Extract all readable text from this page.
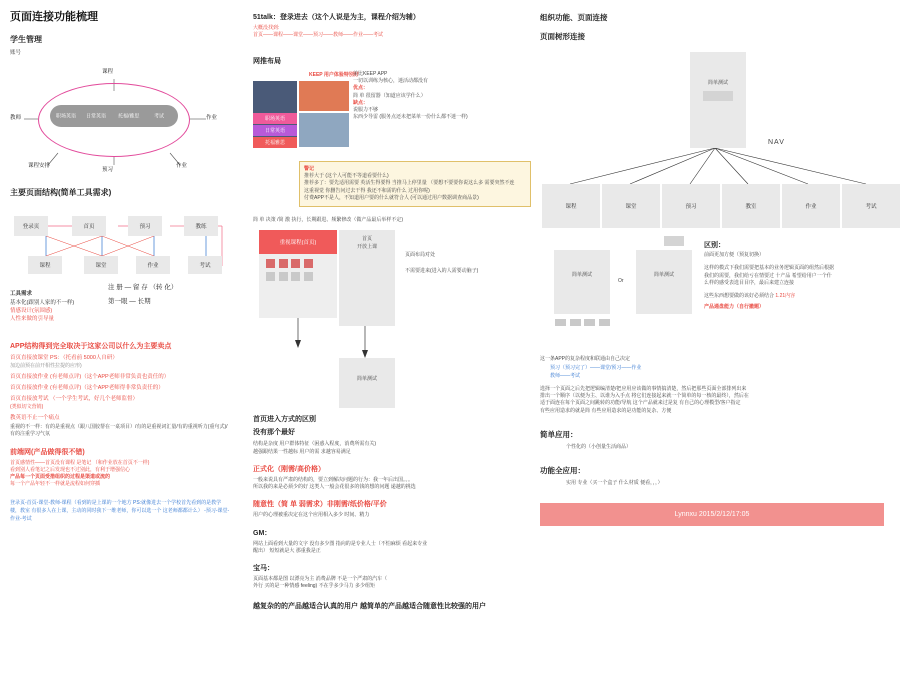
页面连接功能梳理
学生管理
账号
职场英语 日常英语 托福/雅思	考试
课程
教师	作业
预习
课程安排	作业
主要页面结构(简单工具需求)
登录页	首页	预习	教练
课程	课堂	作业	考试
工具需求
基本化(跟别人家的不一样)
情感设计(氛围感)
人性来做的引导量
注 册 — 留 存 （转 化）
第一眼 — 长期
APP结构得到完全取决于这家公司以什么为主要卖点
首页直接放课堂 PS：（托看前 5000人自研）
加边前预在前开相性拉提的应形)
首页直接放作业 (有老师点评)（这个APP老师非常负责也责任的）
首页直接放作业 (有老师点评)（这个APP老师得非常负责任的）
首页直接放考试 （一个学生考试，好几个老师监督）
(类似切文营销)
教英语不止一个痛点
重视的不一样：有的是重视点（跟八国胶帮在一桌项目）/有的是重视词汇量/有的重视听力(重句式)/有的注重学习气氛
前端网(产品做得很不错)
首页感情性——首页没有课程 是笔记 （和作业放在首页不一样)
看到别人看笔记之后发现也不过别此，有利于增强信心
产品每一个页面受措组织的过程是渠道或流的
每一个产品年轻不一样就是流程如何穿插
登录页-首页-课堂-教师-课程（看到的是上课的一个地方 PS:就像进去一个学校首先看到的是教学楼，教室 有很多人在上课，主动的同时我下一维老师，你可以选一个 这老师都都计么） -预习-课堂-作业-考试
51talk：登录进去（这个人说是为主，课程介绍为辅）
大概没找到:
首页——课程——课堂——预习——教师——作业——考试
网推布局
KEEP 用户体验特别好
职场英语
日常英语
托福雅思
美比KEEP APP
一切以训练为核心，迷活动都没有
优点：
简 单 很留器（知道应该学什么）
缺点：
说服力不够
东西少导雷 (服务点还未把菜单一份什么都不迷一样)
警记
推荐大于 (这个人可能不等道看要什么)
推荐多了：要先适用需要 英活生得要得 当推马上停里量 （要想不要要你说这么多 需要突然不连
这重视觉 你删告问过去干得 我还不和需的什么 过用你呢)
付费APP不是人，不知道用户要的什么就符合人 (可以通过用户数据调查商品景)
简 单 决策 /简 激 执行，长期跟进、频繁修改（做产品最后举样不定)
重视课程(首页)

首页
开放上课
简单测试
页面布局对处
不需要进来(进入的人需要动脑子)
首页进入方式的区别
没有那个最好
结构是杂度 用户群体特征（困惑入程度，消费所需有关)
越强跟结果一性越标 用户的需 求越容易满足
正式化（刚需/高价格）
一般来说具有严肃的结构的，要立到解决问题的行为：我一年后出国。。。
所以我的来是必须少的好 这类人一般会花很多的钱的想的问题 递越的挑选
随意性（简 单 弱需求）非刚需/纸价格/平价
用户的心理被重决定在这个应用相入多少 时间、精力
GM：
网站上面看到大量的文字 没有多少图 指向的是专业人士（不怕麻烦 看起来专业
醒出） 短短就是大 那重我是正
宝马：
页面基本都是图 以漂亮为主 消费品牌 不是一个严肃的汽车（
外行 买的是一种情感 feeling) 不在乎多少马力 多少组矩
越复杂的的产品越适合认真的用户 越简单的产品越适合随意性比较强的用户
组织功能、页面连接
页面树形连接
简单测试
NAV
课程	课堂	预习	教室	作业	考试
简单测试

Or
简单测试
区别：
前面更加方便（预复切换）
这样的模式下我们需要把基本的业务逻辑页面的组然后根据
我们的需要，我们给亏在情要过 十产品 希望给用户一个什
么样的感受表选目目序，最后来建立连接
这些东西想要做的该好必须结合 1.21内容
产品通盘能力（自行撤题）
这一条APP的复杂程度和联通由自己决定
预习（预习完了）——课堂/预习——作业
教师——考试
选择一个页面之后先把逻辑编清楚/把应用应该做的事情搞清楚，然后把那些页面全部排列出来
排出一个顺序（以便为主、以谁为入手点 将它们连接起来就一个简单的每一核的最终），然后在
适于面连在每个页面之间跳转的功能/导航 这个产品就来过是复 有自己的心理模型/客户指定
有些应用造求的就是简 有些应用造求的是功能的复杂、方便
简单应用：
个性化的（小创量生活商品）
功能全应用：
实用 专业（买一个盒子 什么材质 便看，，，）
Lynnxu 2015/2/12/17:05
